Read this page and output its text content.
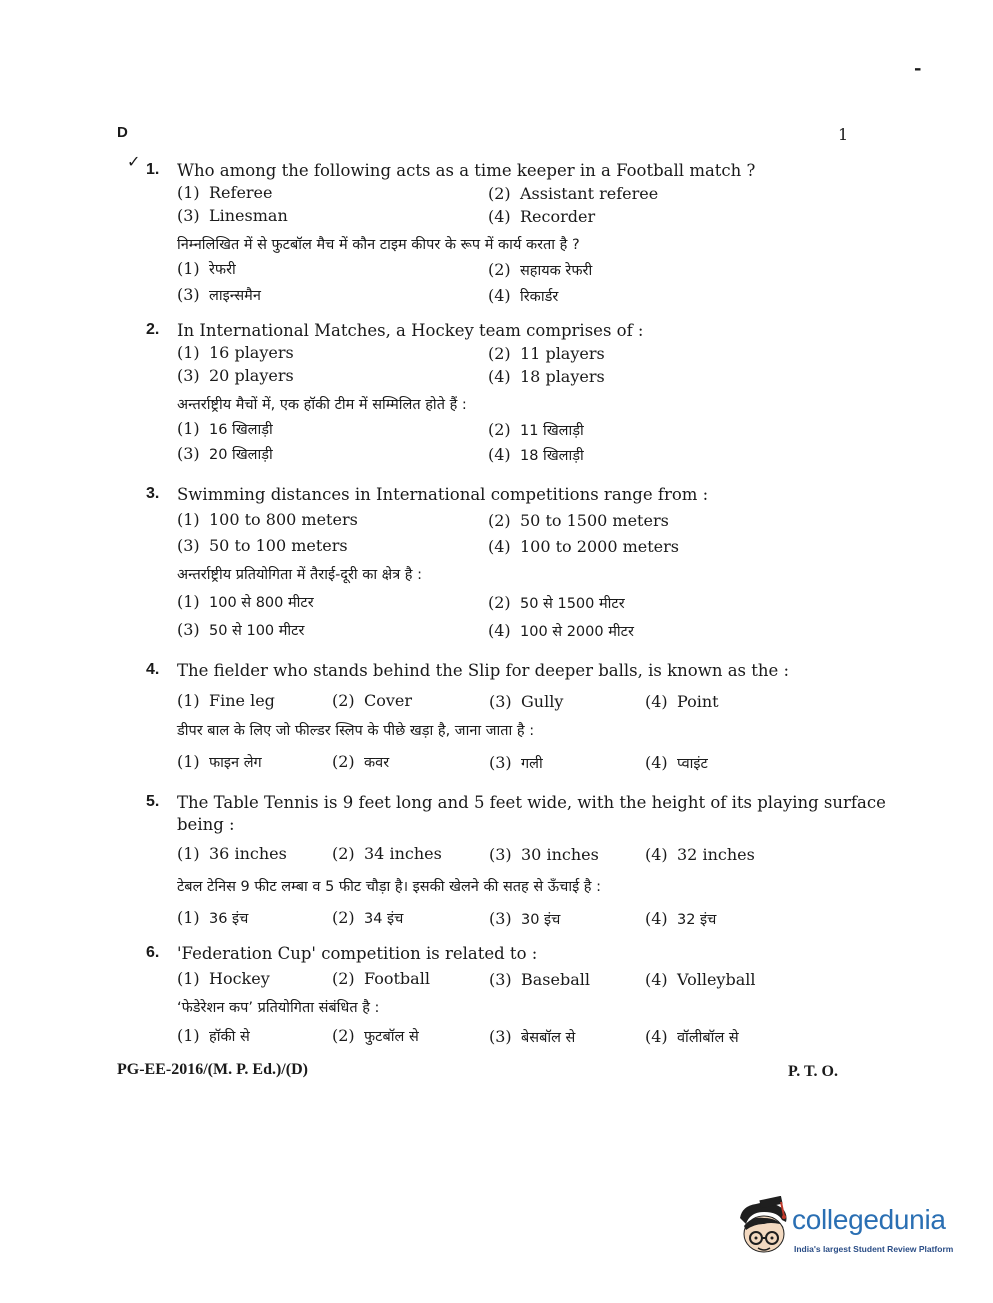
D	1
-
✓ 1. Who among the following acts as a time keeper in a Football match ?
(1) Referee	(2) Assistant referee
(3) Linesman	(4) Recorder
निम्नलिखित में से फुटबॉल मैच में कौन टाइम कीपर के रूप में कार्य करता है ?
(1) रेफरी	(2) सहायक रेफरी
(3) लाइन्समैन	(4) रिकार्डर
2. In International Matches, a Hockey team comprises of :
(1) 16 players	(2) 11 players
(3) 20 players	(4) 18 players
अन्तर्राष्ट्रीय मैचों में, एक हॉकी टीम में सम्मिलित होते हैं :
(1) 16 खिलाड़ी	(2) 11 खिलाड़ी
(3) 20 खिलाड़ी	(4) 18 खिलाड़ी
3. Swimming distances in International competitions range from :
(1) 100 to 800 meters	(2) 50 to 1500 meters
(3) 50 to 100 meters	(4) 100 to 2000 meters
अन्तर्राष्ट्रीय प्रतियोगिता में तैराई-दूरी का क्षेत्र है :
(1) 100 से 800 मीटर	(2) 50 से 1500 मीटर
(3) 50 से 100 मीटर	(4) 100 से 2000 मीटर
4. The fielder who stands behind the Slip for deeper balls, is known as the :
(1) Fine leg	(2) Cover	(3) Gully	(4) Point
डीपर बाल के लिए जो फील्डर स्लिप के पीछे खड़ा है, जाना जाता है :
(1) फाइन लेग	(2) कवर	(3) गली	(4) प्वाइंट
5. The Table Tennis is 9 feet long and 5 feet wide, with the height of its playing surface
being :
(1) 36 inches	(2) 34 inches	(3) 30 inches	(4) 32 inches
टेबल टेनिस 9 फीट लम्बा व 5 फीट चौड़ा है। इसकी खेलने की सतह से ऊँचाई है :
(1) 36 इंच	(2) 34 इंच	(3) 30 इंच	(4) 32 इंच
6. 'Federation Cup' competition is related to :
(1) Hockey	(2) Football	(3) Baseball	(4) Volleyball
‘फेडेरेशन कप’ प्रतियोगिता संबंधित है :
(1) हॉकी से	(2) फुटबॉल से	(3) बेसबॉल से	(4) वॉलीबॉल से
PG-EE-2016/(M. P. Ed.)/(D)	P. T. O.
collegedunia
India's largest Student Review Platform
